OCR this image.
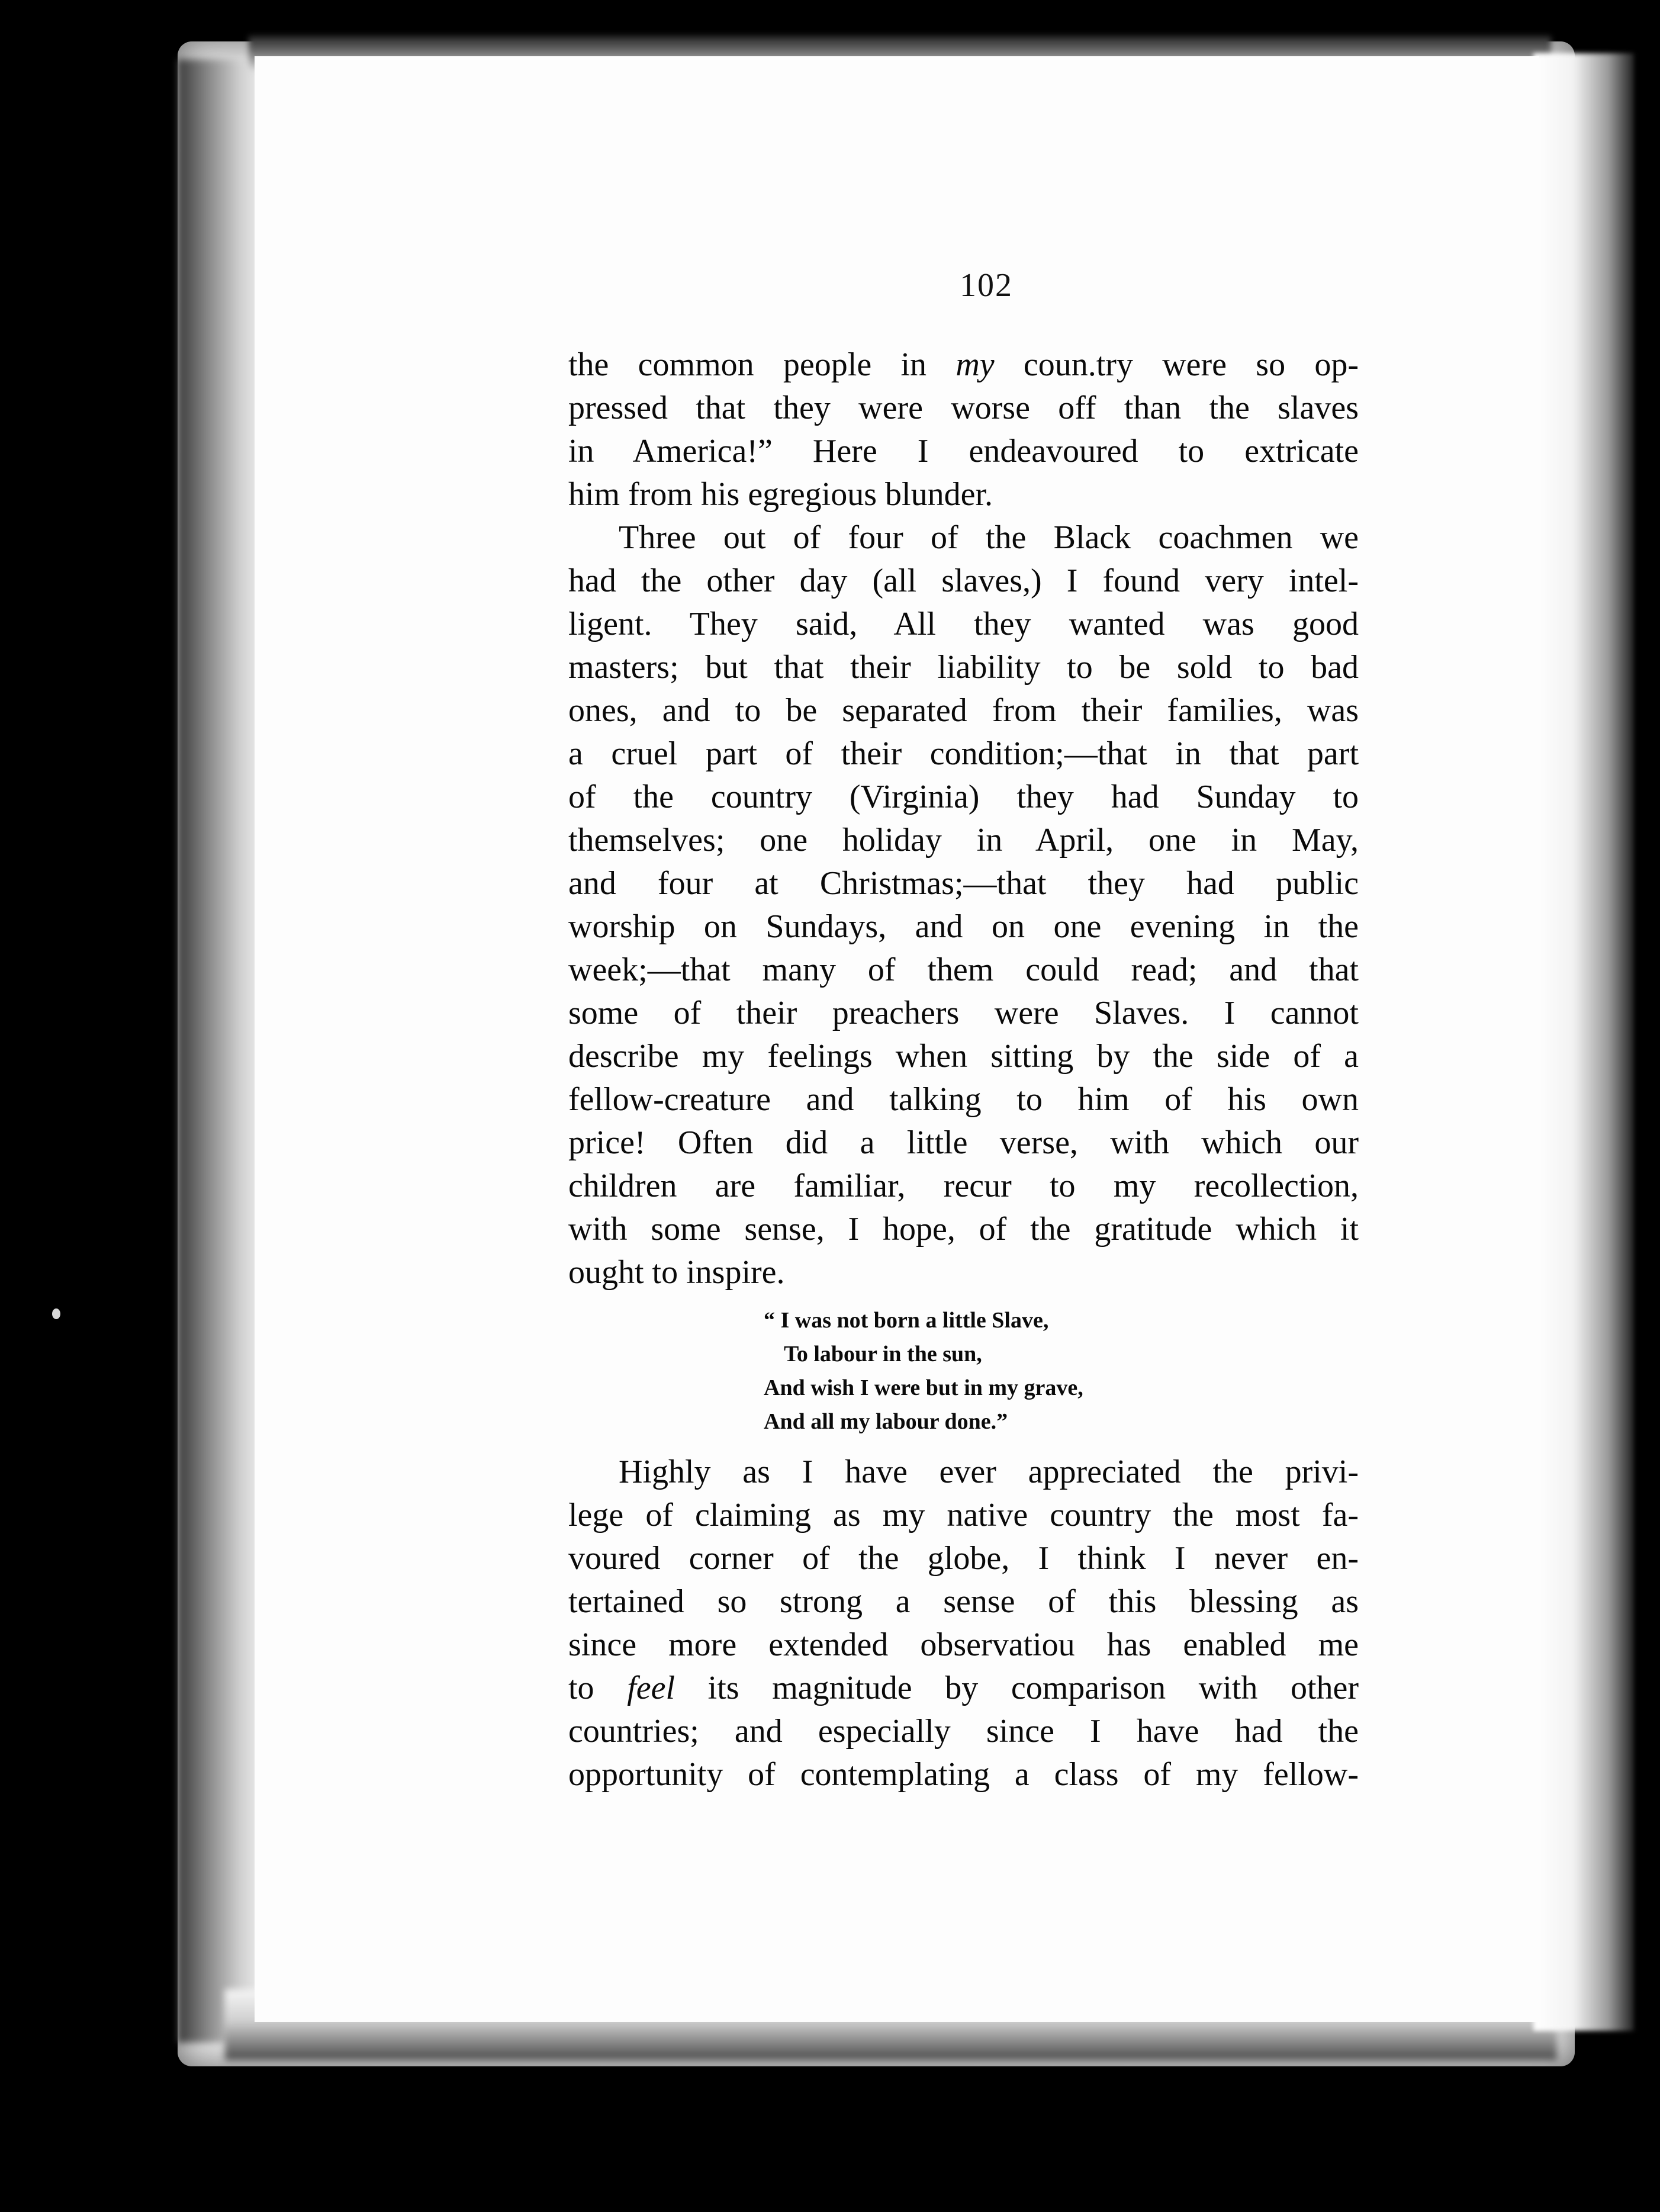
102
the common people in my coun.try were so op-
pressed that they were worse off than the slaves
in America!” Here I endeavoured to extricate
him from his egregious blunder.
Three out of four of the Black coachmen we
had the other day (all slaves,) I found very intel-
ligent. They said, All they wanted was good
masters; but that their liability to be sold to bad
ones, and to be separated from their families, was
a cruel part of their condition;—that in that part
of the country (Virginia) they had Sunday to
themselves; one holiday in April, one in May,
and four at Christmas;—that they had public
worship on Sundays, and on one evening in the
week;—that many of them could read; and that
some of their preachers were Slaves. I cannot
describe my feelings when sitting by the side of a
fellow-creature and talking to him of his own
price! Often did a little verse, with which our
children are familiar, recur to my recollection,
with some sense, I hope, of the gratitude which it
ought to inspire.
“ I was not born a little Slave,
To labour in the sun,
And wish I were but in my grave,
And all my labour done.”
Highly as I have ever appreciated the privi-
lege of claiming as my native country the most fa-
voured corner of the globe, I think I never en-
tertained so strong a sense of this blessing as
since more extended observatiou has enabled me
to feel its magnitude by comparison with other
countries; and especially since I have had the
opportunity of contemplating a class of my fellow-
